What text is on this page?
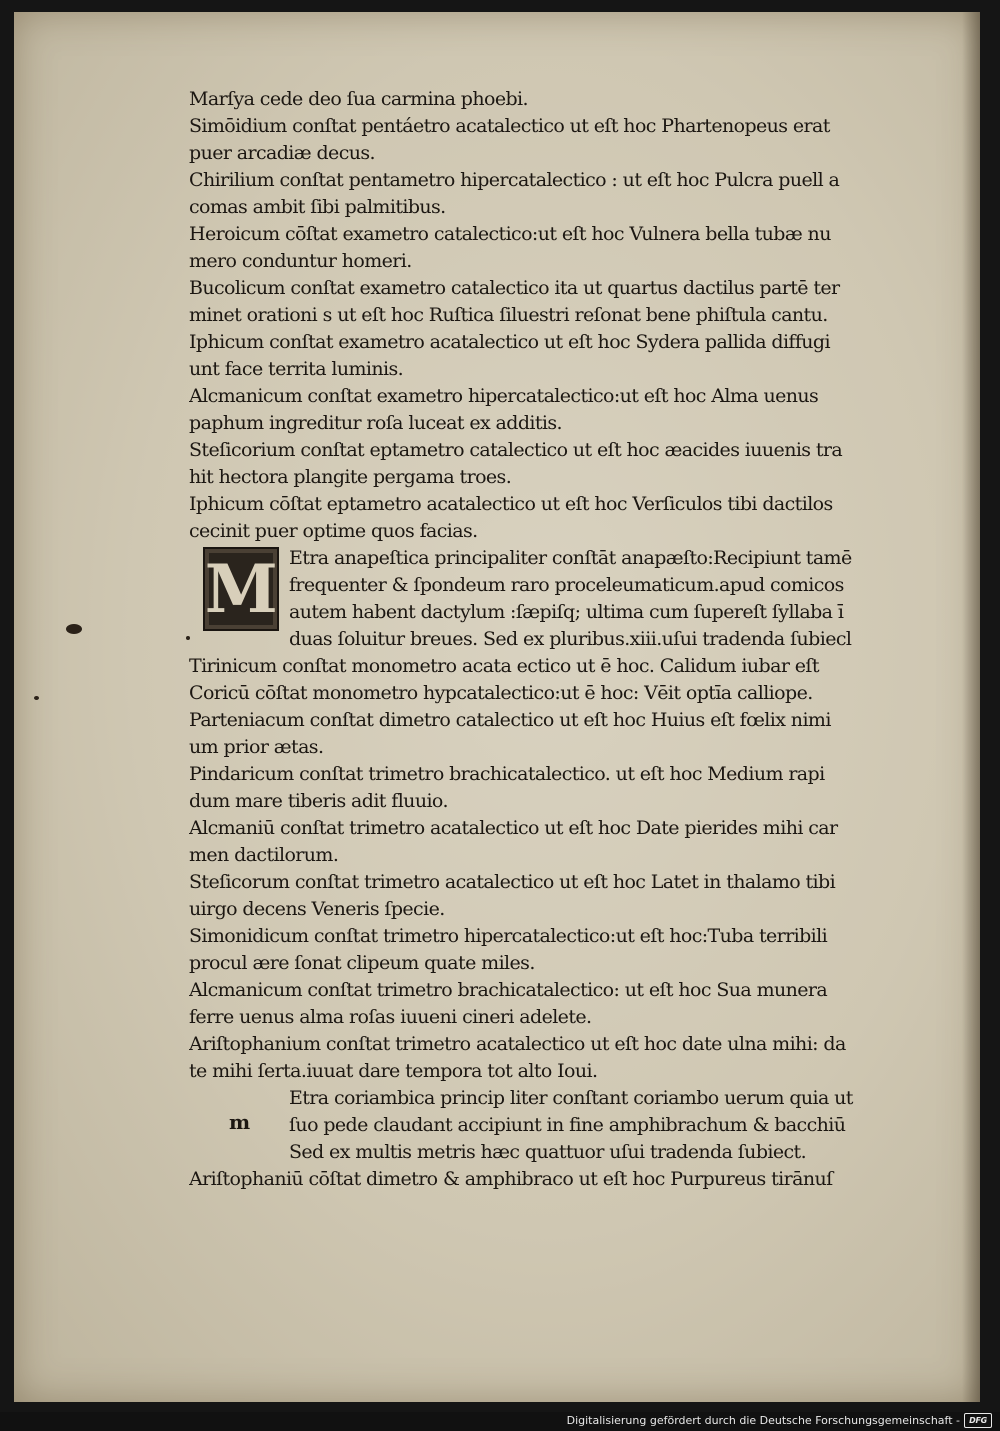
Marſya cede deo ſua carmina phoebi.
Simōidium conſtat pentáetro acatalectico ut eſt hoc Phartenopeus erat
puer arcadiæ decus.
Chirilium conſtat pentametro hipercatalectico : ut eſt hoc Pulcra puell a
comas ambit ſibi palmitibus.
Heroicum cōſtat exametro catalectico:ut eſt hoc Vulnera bella tubæ nu
mero conduntur homeri.
Bucolicum conſtat exametro catalectico ita ut quartus dactilus partē ter
minet orationi s ut eſt hoc Ruſtica ſiluestri reſonat bene phiſtula cantu.
Iphicum conſtat exametro acatalectico ut eſt hoc Sydera pallida diffugi
unt face territa luminis.
Alcmanicum conſtat exametro hipercatalectico:ut eſt hoc Alma uenus
paphum ingreditur roſa luceat ex additis.
Steſicorium conſtat eptametro catalectico ut eſt hoc æacides iuuenis tra
hit hectora plangite pergama troes.
Iphicum cōſtat eptametro acatalectico ut eſt hoc Verſiculos tibi dactilos
cecinit puer optime quos facias.
M Etra anapeſtica principaliter conſtāt anapæſto:Recipiunt tamē
frequenter & ſpondeum raro proceleumaticum.apud comicos
autem habent dactylum :ſæpiſq; ultima cum ſupereſt ſyllaba ī
duas ſoluitur breues. Sed ex pluribus.xiii.uſui tradenda ſubiecl
Tirinicum conſtat monometro acata ectico ut ē hoc. Calidum iubar eſt
Coricū cōſtat monometro hypcatalectico:ut ē hoc: Vēit optīa calliope.
Parteniacum conſtat dimetro catalectico ut eſt hoc Huius eſt fœlix nimi
um prior ætas.
Pindaricum conſtat trimetro brachicatalectico. ut eſt hoc Medium rapi
dum mare tiberis adit fluuio.
Alcmaniū conſtat trimetro acatalectico ut eſt hoc Date pierides mihi car
men dactilorum.
Steſicorum conſtat trimetro acatalectico ut eſt hoc Latet in thalamo tibi
uirgo decens Veneris ſpecie.
Simonidicum conſtat trimetro hipercatalectico:ut eſt hoc:Tuba terribili
procul ære ſonat clipeum quate miles.
Alcmanicum conſtat trimetro brachicatalectico: ut eſt hoc Sua munera
ferre uenus alma roſas iuueni cineri adelete.
Ariſtophanium conſtat trimetro acatalectico ut eſt hoc date ulna mihi: da
te mihi ſerta.iuuat dare tempora tot alto Ioui.
m
Etra coriambica princip liter conſtant coriambo uerum quia ut
ſuo pede claudant accipiunt in fine amphibrachum & bacchiū
Sed ex multis metris hæc quattuor uſui tradenda ſubiect.
Ariſtophaniū cōſtat dimetro & amphibraco ut eſt hoc Purpureus tirānuſ
Digitalisierung gefördert durch die Deutsche Forschungsgemeinschaft -	DFG
